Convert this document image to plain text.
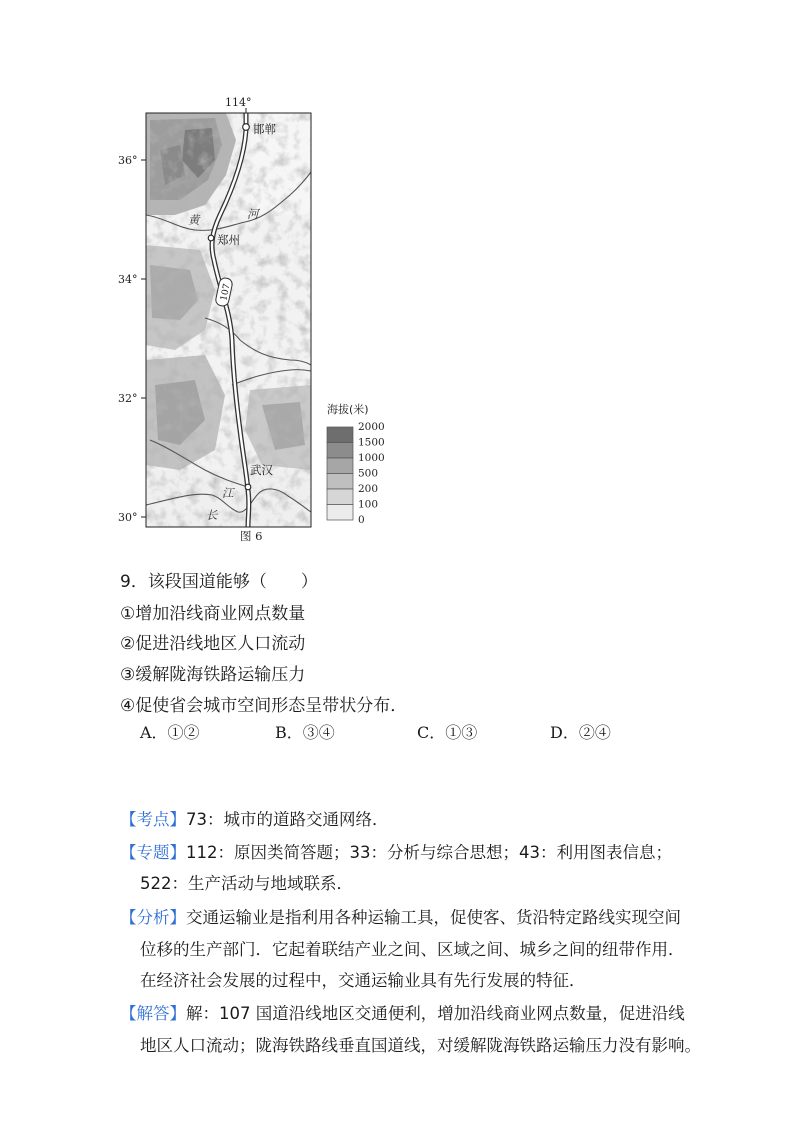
107
114°
36°
34°
32°
30°
邯郸
郑州
武汉
黄	河
江
长
图 6
海拔(米)
2000
1500
1000
500
200
100
0
9．该段国道能够（　　）
①增加沿线商业网点数量
②促进沿线地区人口流动
③缓解陇海铁路运输压力
④促使省会城市空间形态呈带状分布．
A．①②	B．③④	C．①③	D．②④
【考点】73：城市的道路交通网络．
【专题】112：原因类简答题；33：分析与综合思想；43：利用图表信息；
522：生产活动与地域联系．
【分析】交通运输业是指利用各种运输工具，促使客、货沿特定路线实现空间
位移的生产部门．它起着联结产业之间、区域之间、城乡之间的纽带作用．
在经济社会发展的过程中，交通运输业具有先行发展的特征．
【解答】解：107 国道沿线地区交通便利，增加沿线商业网点数量，促进沿线
地区人口流动；陇海铁路线垂直国道线，对缓解陇海铁路运输压力没有影响。
